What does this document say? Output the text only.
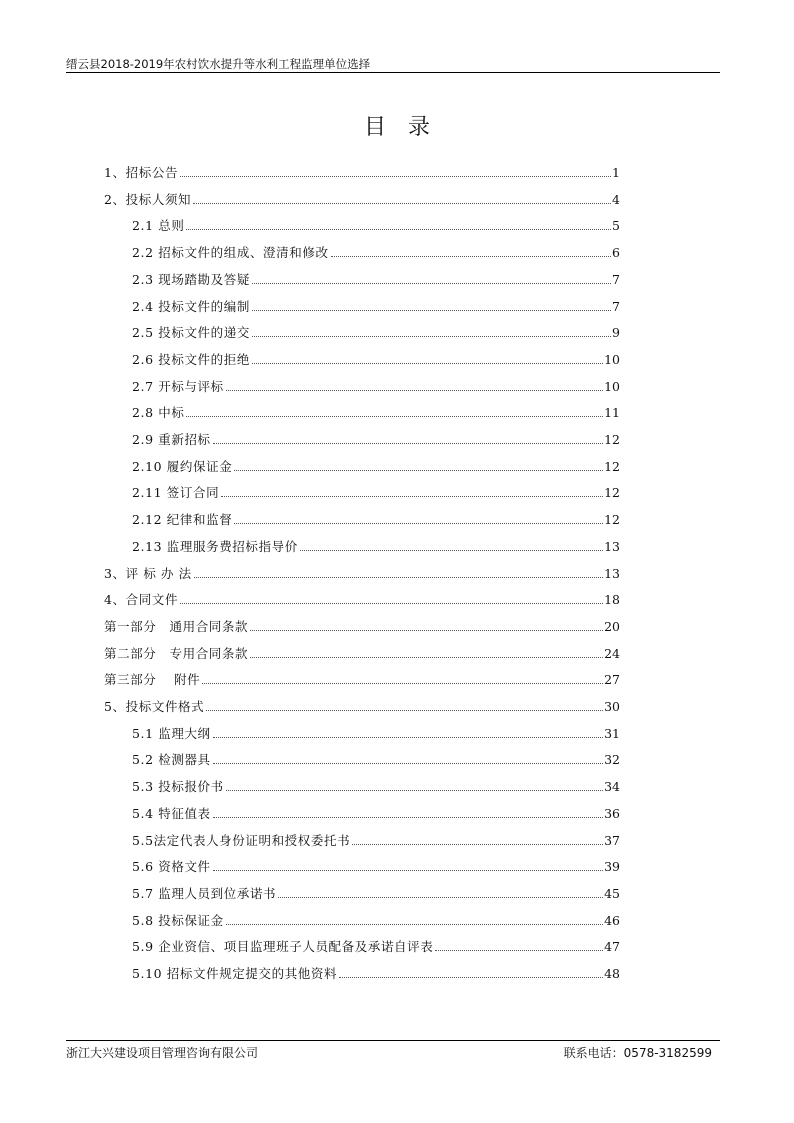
缙云县2018-2019年农村饮水提升等水利工程监理单位选择
目录
1、招标公告	1
2、投标人须知	4
2.1 总则	5
2.2 招标文件的组成、澄清和修改	6
2.3 现场踏勘及答疑	7
2.4 投标文件的编制	7
2.5 投标文件的递交	9
2.6 投标文件的拒绝	10
2.7 开标与评标	10
2.8 中标	11
2.9 重新招标	12
2.10 履约保证金	12
2.11 签订合同	12
2.12 纪律和监督	12
2.13 监理服务费招标指导价	13
3、评 标 办 法	13
4、合同文件	18
第一部分　通用合同条款	20
第二部分　专用合同条款	24
第三部分　 附件	27
5、投标文件格式	30
5.1 监理大纲	31
5.2 检测器具	32
5.3 投标报价书	34
5.4 特征值表	36
5.5法定代表人身份证明和授权委托书	37
5.6 资格文件	39
5.7 监理人员到位承诺书	45
5.8 投标保证金	46
5.9 企业资信、项目监理班子人员配备及承诺自评表	47
5.10 招标文件规定提交的其他资料	48
浙江大兴建设项目管理咨询有限公司	联系电话：0578-3182599
